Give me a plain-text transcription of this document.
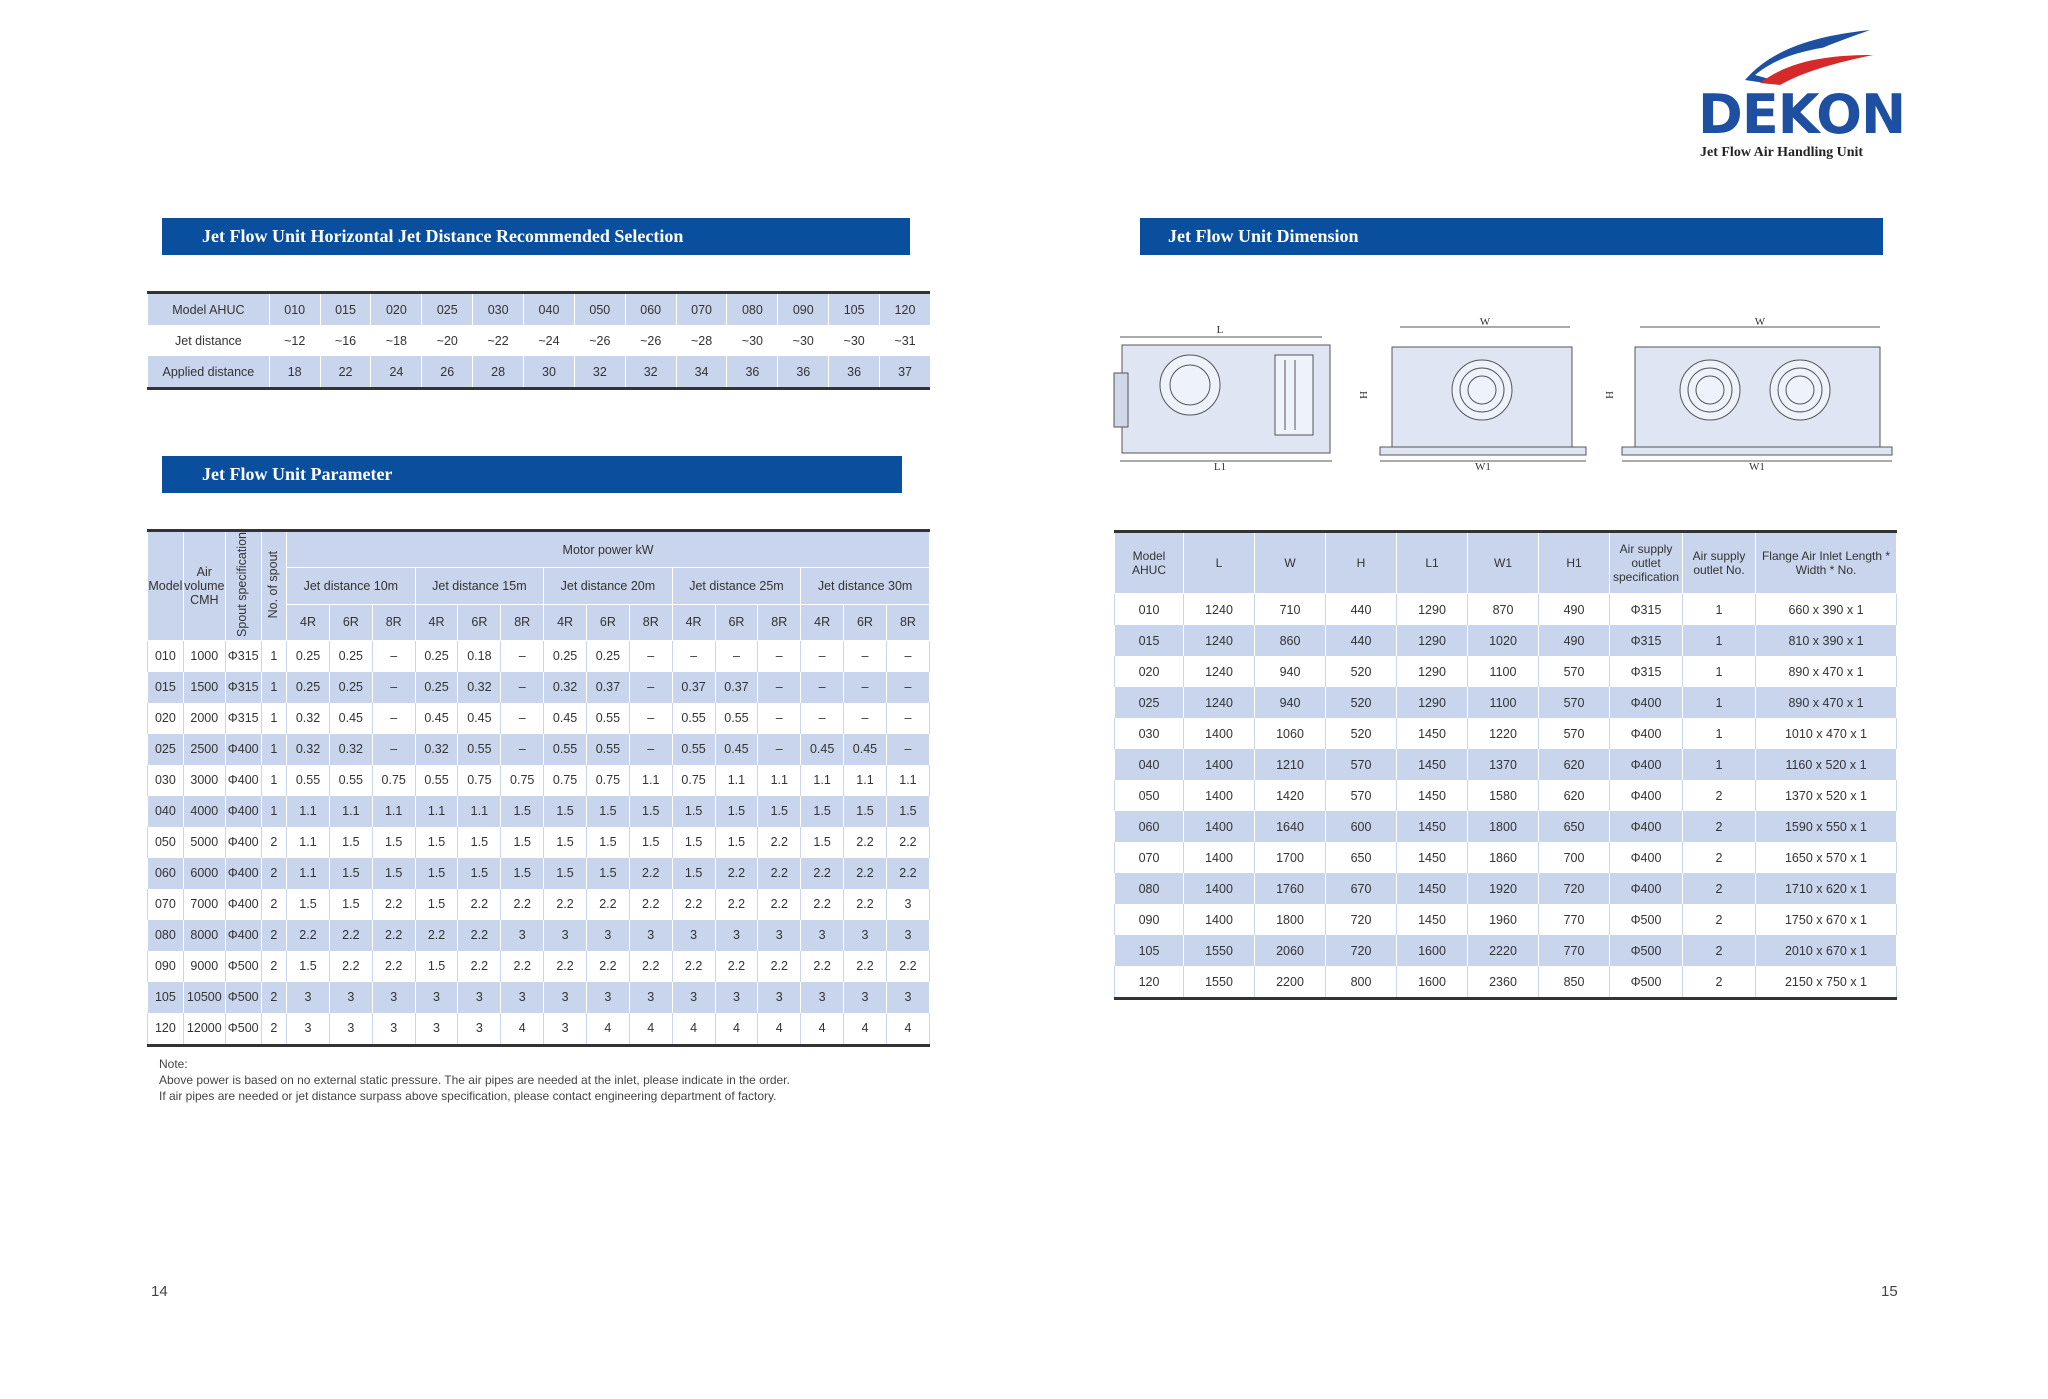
DEKON
Jet Flow Air Handling Unit
Jet Flow Unit Horizontal Jet Distance Recommended Selection
Model AHUC	010	015	020	025	030	040	050	060	070	080	090	105	120
Jet distance	~12	~16	~18	~20	~22	~24	~26	~26	~28	~30	~30	~30	~31
Applied distance	18	22	24	26	28	30	32	32	34	36	36	36	37
Jet Flow Unit Parameter
Model	Air volume CMH	Spout specification	No. of spout	Motor power kW														
				Jet distance 10m			Jet distance 15m			Jet distance 20m			Jet distance 25m			Jet distance 30m		
				4R	6R	8R	4R	6R	8R	4R	6R	8R	4R	6R	8R	4R	6R	8R
010	1000	Φ315	1	0.25	0.25	–	0.25	0.18	–	0.25	0.25	–	–	–	–	–	–	–
015	1500	Φ315	1	0.25	0.25	–	0.25	0.32	–	0.32	0.37	–	0.37	0.37	–	–	–	–
020	2000	Φ315	1	0.32	0.45	–	0.45	0.45	–	0.45	0.55	–	0.55	0.55	–	–	–	–
025	2500	Φ400	1	0.32	0.32	–	0.32	0.55	–	0.55	0.55	–	0.55	0.45	–	0.45	0.45	–
030	3000	Φ400	1	0.55	0.55	0.75	0.55	0.75	0.75	0.75	0.75	1.1	0.75	1.1	1.1	1.1	1.1	1.1
040	4000	Φ400	1	1.1	1.1	1.1	1.1	1.1	1.5	1.5	1.5	1.5	1.5	1.5	1.5	1.5	1.5	1.5
050	5000	Φ400	2	1.1	1.5	1.5	1.5	1.5	1.5	1.5	1.5	1.5	1.5	1.5	2.2	1.5	2.2	2.2
060	6000	Φ400	2	1.1	1.5	1.5	1.5	1.5	1.5	1.5	1.5	2.2	1.5	2.2	2.2	2.2	2.2	2.2
070	7000	Φ400	2	1.5	1.5	2.2	1.5	2.2	2.2	2.2	2.2	2.2	2.2	2.2	2.2	2.2	2.2	3
080	8000	Φ400	2	2.2	2.2	2.2	2.2	2.2	3	3	3	3	3	3	3	3	3	3
090	9000	Φ500	2	1.5	2.2	2.2	1.5	2.2	2.2	2.2	2.2	2.2	2.2	2.2	2.2	2.2	2.2	2.2
105	10500	Φ500	2	3	3	3	3	3	3	3	3	3	3	3	3	3	3	3
120	12000	Φ500	2	3	3	3	3	3	4	3	4	4	4	4	4	4	4	4
Note:
Above power is based on no external static pressure. The air pipes are needed at the inlet, please indicate in the order.
If air pipes are needed or jet distance surpass above specification, please contact engineering department of factory.
14
Jet Flow Unit Dimension
L
L1
W
H
W1
W
H
W1
Model AHUC	L	W	H	L1	W1	H1	Air supply outlet specification	Air supply outlet No.	Flange Air Inlet Length * Width * No.
010	1240	710	440	1290	870	490	Φ315	1	660 x 390 x 1
015	1240	860	440	1290	1020	490	Φ315	1	810 x 390 x 1
020	1240	940	520	1290	1100	570	Φ315	1	890 x 470 x 1
025	1240	940	520	1290	1100	570	Φ400	1	890 x 470 x 1
030	1400	1060	520	1450	1220	570	Φ400	1	1010 x 470 x 1
040	1400	1210	570	1450	1370	620	Φ400	1	1160 x 520 x 1
050	1400	1420	570	1450	1580	620	Φ400	2	1370 x 520 x 1
060	1400	1640	600	1450	1800	650	Φ400	2	1590 x 550 x 1
070	1400	1700	650	1450	1860	700	Φ400	2	1650 x 570 x 1
080	1400	1760	670	1450	1920	720	Φ400	2	1710 x 620 x 1
090	1400	1800	720	1450	1960	770	Φ500	2	1750 x 670 x 1
105	1550	2060	720	1600	2220	770	Φ500	2	2010 x 670 x 1
120	1550	2200	800	1600	2360	850	Φ500	2	2150 x 750 x 1
15
